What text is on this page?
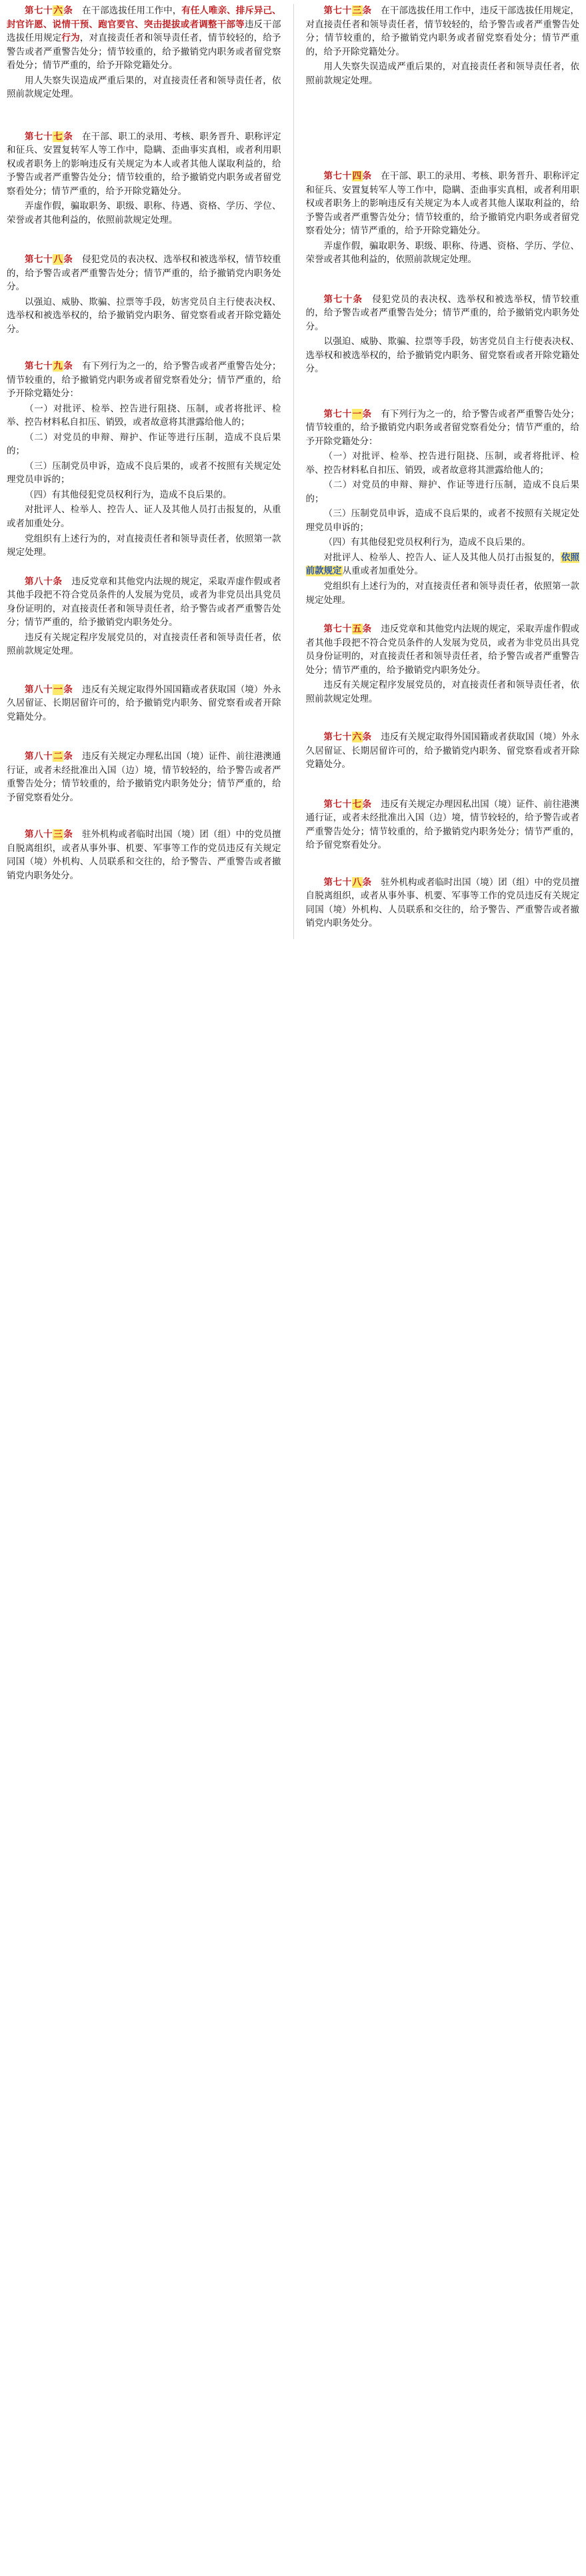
第七十六条　在干部选拔任用工作中，有任人唯亲、排斥异己、封官许愿、说情干预、跑官要官、突击提拔或者调整干部等违反干部选拔任用规定行为，对直接责任者和领导责任者，情节较轻的，给予警告或者严重警告处分；情节较重的，给予撤销党内职务或者留党察看处分；情节严重的，给予开除党籍处分。

用人失察失误造成严重后果的，对直接责任者和领导责任者，依照前款规定处理。

第七十七条　在干部、职工的录用、考核、职务晋升、职称评定和征兵、安置复转军人等工作中，隐瞒、歪曲事实真相，或者利用职权或者职务上的影响违反有关规定为本人或者其他人谋取利益的，给予警告或者严重警告处分；情节较重的，给予撤销党内职务或者留党察看处分；情节严重的，给予开除党籍处分。

弄虚作假，骗取职务、职级、职称、待遇、资格、学历、学位、荣誉或者其他利益的，依照前款规定处理。

第七十八条　侵犯党员的表决权、选举权和被选举权，情节较重的，给予警告或者严重警告处分；情节严重的，给予撤销党内职务处分。

以强迫、威胁、欺骗、拉票等手段，妨害党员自主行使表决权、选举权和被选举权的，给予撤销党内职务、留党察看或者开除党籍处分。

第七十九条　有下列行为之一的，给予警告或者严重警告处分；情节较重的，给予撤销党内职务或者留党察看处分；情节严重的，给予开除党籍处分：

（一）对批评、检举、控告进行阻挠、压制，或者将批评、检举、控告材料私自扣压、销毁，或者故意将其泄露给他人的；

（二）对党员的申辩、辩护、作证等进行压制，造成不良后果的；

（三）压制党员申诉，造成不良后果的，或者不按照有关规定处理党员申诉的；

（四）有其他侵犯党员权利行为，造成不良后果的。

对批评人、检举人、控告人、证人及其他人员打击报复的，从重或者加重处分。

党组织有上述行为的，对直接责任者和领导责任者，依照第一款规定处理。

第八十条　违反党章和其他党内法规的规定，采取弄虚作假或者其他手段把不符合党员条件的人发展为党员，或者为非党员出具党员身份证明的，对直接责任者和领导责任者，给予警告或者严重警告处分；情节严重的，给予撤销党内职务处分。

违反有关规定程序发展党员的，对直接责任者和领导责任者，依照前款规定处理。

第八十一条　违反有关规定取得外国国籍或者获取国（境）外永久居留证、长期居留许可的，给予撤销党内职务、留党察看或者开除党籍处分。

第八十二条　违反有关规定办理私出国（境）证件、前往港澳通行证，或者未经批准出入国（边）境，情节较轻的，给予警告或者严重警告处分；情节较重的，给予撤销党内职务处分；情节严重的，给予留党察看处分。

第八十三条　驻外机构或者临时出国（境）团（组）中的党员擅自脱离组织，或者从事外事、机要、军事等工作的党员违反有关规定同国（境）外机构、人员联系和交往的，给予警告、严重警告或者撤销党内职务处分。

第七十三条　在干部选拔任用工作中，违反干部选拔任用规定，对直接责任者和领导责任者，情节较轻的，给予警告或者严重警告处分；情节较重的，给予撤销党内职务或者留党察看处分；情节严重的，给予开除党籍处分。

用人失察失误造成严重后果的，对直接责任者和领导责任者，依照前款规定处理。

第七十四条　在干部、职工的录用、考核、职务晋升、职称评定和征兵、安置复转军人等工作中，隐瞒、歪曲事实真相，或者利用职权或者职务上的影响违反有关规定为本人或者其他人谋取利益的，给予警告或者严重警告处分；情节较重的，给予撤销党内职务或者留党察看处分；情节严重的，给予开除党籍处分。

弄虚作假，骗取职务、职级、职称、待遇、资格、学历、学位、荣誉或者其他利益的，依照前款规定处理。

第七十条　侵犯党员的表决权、选举权和被选举权，情节较重的，给予警告或者严重警告处分；情节严重的，给予撤销党内职务处分。

以强迫、威胁、欺骗、拉票等手段，妨害党员自主行使表决权、选举权和被选举权的，给予撤销党内职务、留党察看或者开除党籍处分。

第七十一条　有下列行为之一的，给予警告或者严重警告处分；情节较重的，给予撤销党内职务或者留党察看处分；情节严重的，给予开除党籍处分：

（一）对批评、检举、控告进行阻挠、压制，或者将批评、检举、控告材料私自扣压、销毁，或者故意将其泄露给他人的；

（二）对党员的申辩、辩护、作证等进行压制，造成不良后果的；

（三）压制党员申诉，造成不良后果的，或者不按照有关规定处理党员申诉的；

（四）有其他侵犯党员权利行为，造成不良后果的。

对批评人、检举人、控告人、证人及其他人员打击报复的，依照前款规定从重或者加重处分。

党组织有上述行为的，对直接责任者和领导责任者，依照第一款规定处理。

第七十五条　违反党章和其他党内法规的规定，采取弄虚作假或者其他手段把不符合党员条件的人发展为党员，或者为非党员出具党员身份证明的，对直接责任者和领导责任者，给予警告或者严重警告处分；情节严重的，给予撤销党内职务处分。

违反有关规定程序发展党员的，对直接责任者和领导责任者，依照前款规定处理。

第七十六条　违反有关规定取得外国国籍或者获取国（境）外永久居留证、长期居留许可的，给予撤销党内职务、留党察看或者开除党籍处分。

第七十七条　违反有关规定办理因私出国（境）证件、前往港澳通行证，或者未经批准出入国（边）境，情节较轻的，给予警告或者严重警告处分；情节较重的，给予撤销党内职务处分；情节严重的，给予留党察看处分。

第七十八条　驻外机构或者临时出国（境）团（组）中的党员擅自脱离组织，或者从事外事、机要、军事等工作的党员违反有关规定同国（境）外机构、人员联系和交往的，给予警告、严重警告或者撤销党内职务处分。
